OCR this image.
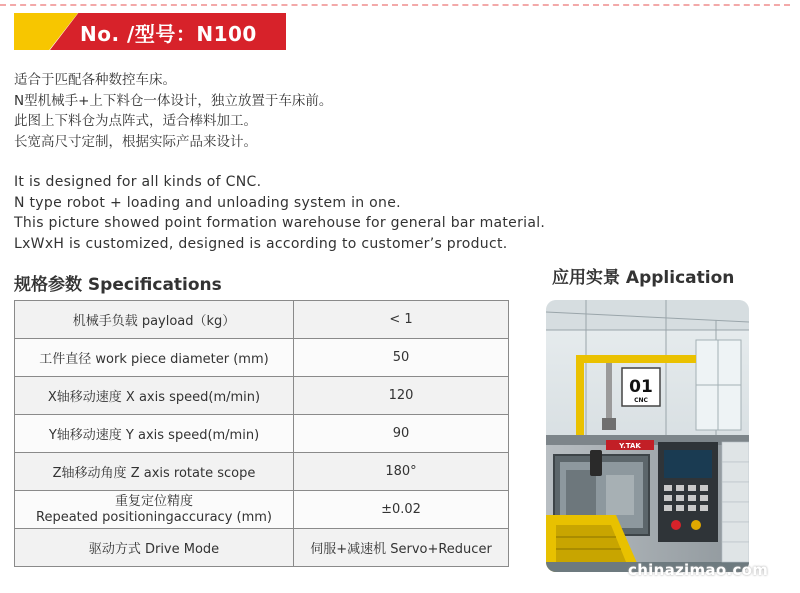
No. /型号：N100

适合于匹配各种数控车床。

N型机械手+上下料仓一体设计，独立放置于车床前。

此图上下料仓为点阵式，适合棒料加工。

长宽高尺寸定制，根据实际产品来设计。

It is designed for all kinds of CNC.

N type robot + loading and unloading system in one.

This picture showed point formation warehouse for general bar material.

LxWxH is customized, designed is according to customer’s product.

规格参数 Specifications	应用实景 Application
机械手负载 payload（kg）	< 1
工件直径 work piece diameter (mm)	50
X轴移动速度 X axis speed(m/min)	120
Y轴移动速度 Y axis speed(m/min)	90
Z轴移动角度 Z axis rotate scope	180°

重复定位精度
Repeated positioningaccuracy (mm)	±0.02
驱动方式 Drive Mode	伺服+减速机 Servo+Reducer
01
CNC
Y.TAK
chinazimao.com
